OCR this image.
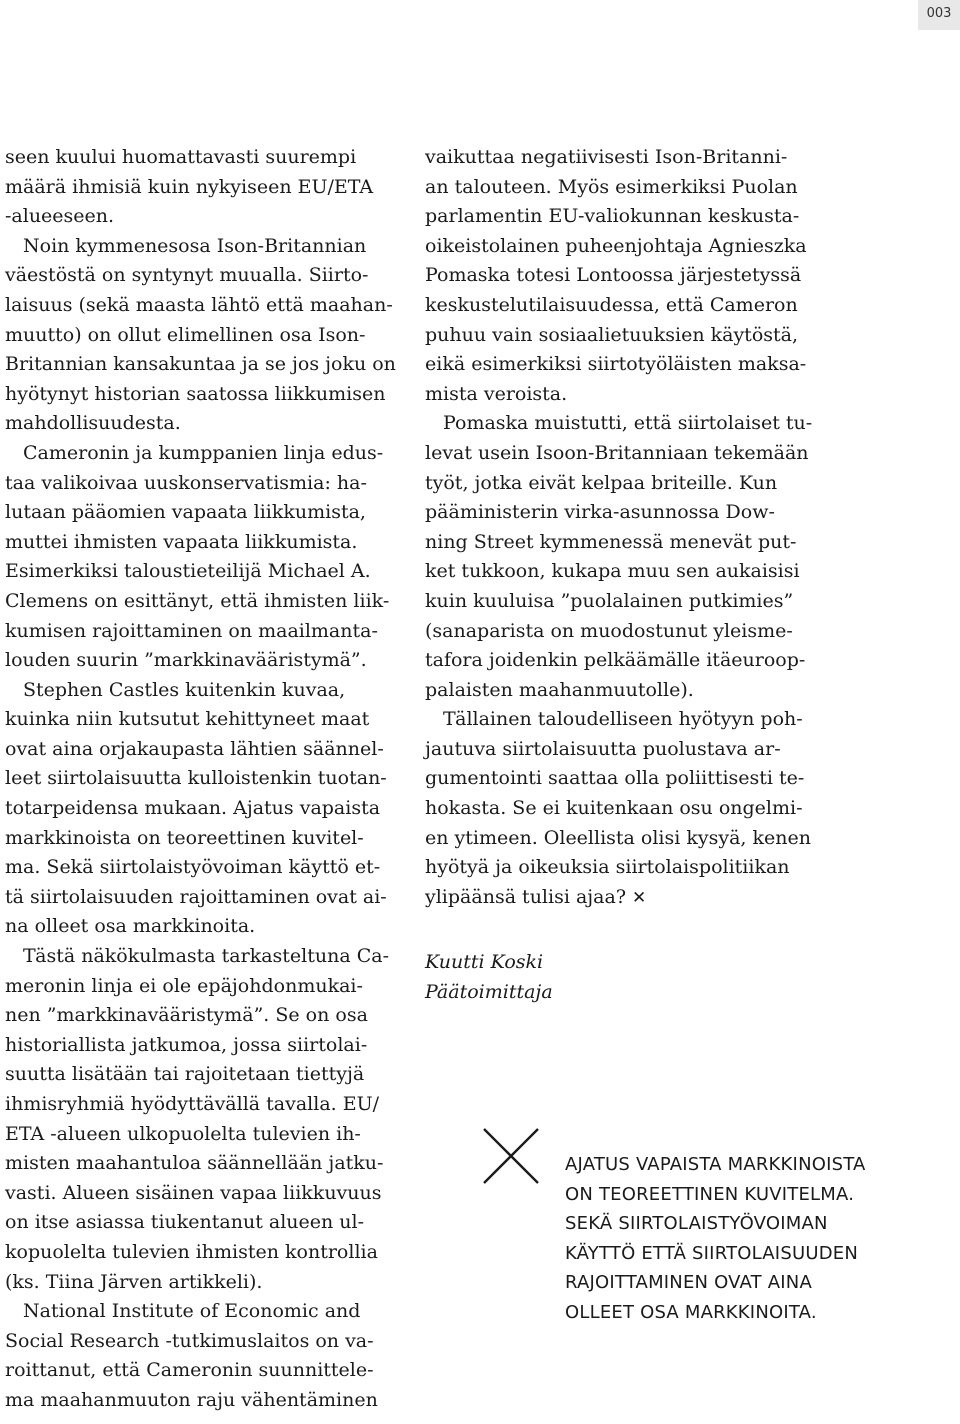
003

seen kuului huomattavasti suurempi
määrä ihmisiä kuin nykyiseen EU/ETA
-alueeseen.

Noin kymmenesosa Ison-Britannian
väestöstä on syntynyt muualla. Siirto-
laisuus (sekä maasta lähtö että maahan-
muutto) on ollut elimellinen osa Ison-
Britannian kansakuntaa ja se jos joku on
hyötynyt historian saatossa liikkumisen
mahdollisuudesta.

Cameronin ja kumppanien linja edus-
taa valikoivaa uuskonservatismia: ha-
lutaan pääomien vapaata liikkumista,
muttei ihmisten vapaata liikkumista.
Esimerkiksi taloustieteilijä Michael A.
Clemens on esittänyt, että ihmisten liik-
kumisen rajoittaminen on maailmanta-
louden suurin ”markkinavääristymä”.

Stephen Castles kuitenkin kuvaa,
kuinka niin kutsutut kehittyneet maat
ovat aina orjakaupasta lähtien säännel-
leet siirtolaisuutta kulloistenkin tuotan-
totarpeidensa mukaan. Ajatus vapaista
markkinoista on teoreettinen kuvitel-
ma. Sekä siirtolaistyövoiman käyttö et-
tä siirtolaisuuden rajoittaminen ovat ai-
na olleet osa markkinoita.

Tästä näkökulmasta tarkasteltuna Ca-
meronin linja ei ole epäjohdonmukai-
nen ”markkinavääristymä”. Se on osa
historiallista jatkumoa, jossa siirtolai-
suutta lisätään tai rajoitetaan tiettyjä
ihmisryhmiä hyödyttävällä tavalla. EU/
ETA -alueen ulkopuolelta tulevien ih-
misten maahantuloa säännellään jatku-
vasti. Alueen sisäinen vapaa liikkuvuus
on itse asiassa tiukentanut alueen ul-
kopuolelta tulevien ihmisten kontrollia
(ks. Tiina Järven artikkeli).

National Institute of Economic and
Social Research -tutkimuslaitos on va-
roittanut, että Cameronin suunnittele-
ma maahanmuuton raju vähentäminen

vaikuttaa negatiivisesti Ison-Britanni-
an talouteen. Myös esimerkiksi Puolan
parlamentin EU-valiokunnan keskusta-
oikeistolainen puheenjohtaja Agnieszka
Pomaska totesi Lontoossa järjestetyssä
keskustelutilaisuudessa, että Cameron
puhuu vain sosiaalietuuksien käytöstä,
eikä esimerkiksi siirtotyöläisten maksa-
mista veroista.

Pomaska muistutti, että siirtolaiset tu-
levat usein Isoon-Britanniaan tekemään
työt, jotka eivät kelpaa briteille. Kun
pääministerin virka-asunnossa Dow-
ning Street kymmenessä menevät put-
ket tukkoon, kukapa muu sen aukaisisi
kuin kuuluisa ”puolalainen putkimies”
(sanaparista on muodostunut yleisme-
tafora joidenkin pelkäämälle itäeuroop-
palaisten maahanmuutolle).

Tällainen taloudelliseen hyötyyn poh-
jautuva siirtolaisuutta puolustava ar-
gumentointi saattaa olla poliittisesti te-
hokasta. Se ei kuitenkaan osu ongelmi-
en ytimeen. Oleellista olisi kysyä, kenen
hyötyä ja oikeuksia siirtolaispolitiikan
ylipäänsä tulisi ajaa? ✕

Kuutti Koski
Päätoimittaja
AJATUS VAPAISTA MARKKINOISTA
ON TEOREETTINEN KUVITELMA.
SEKÄ SIIRTOLAISTYÖVOIMAN
KÄYTTÖ ETTÄ SIIRTOLAISUUDEN
RAJOITTAMINEN OVAT AINA
OLLEET OSA MARKKINOITA.
